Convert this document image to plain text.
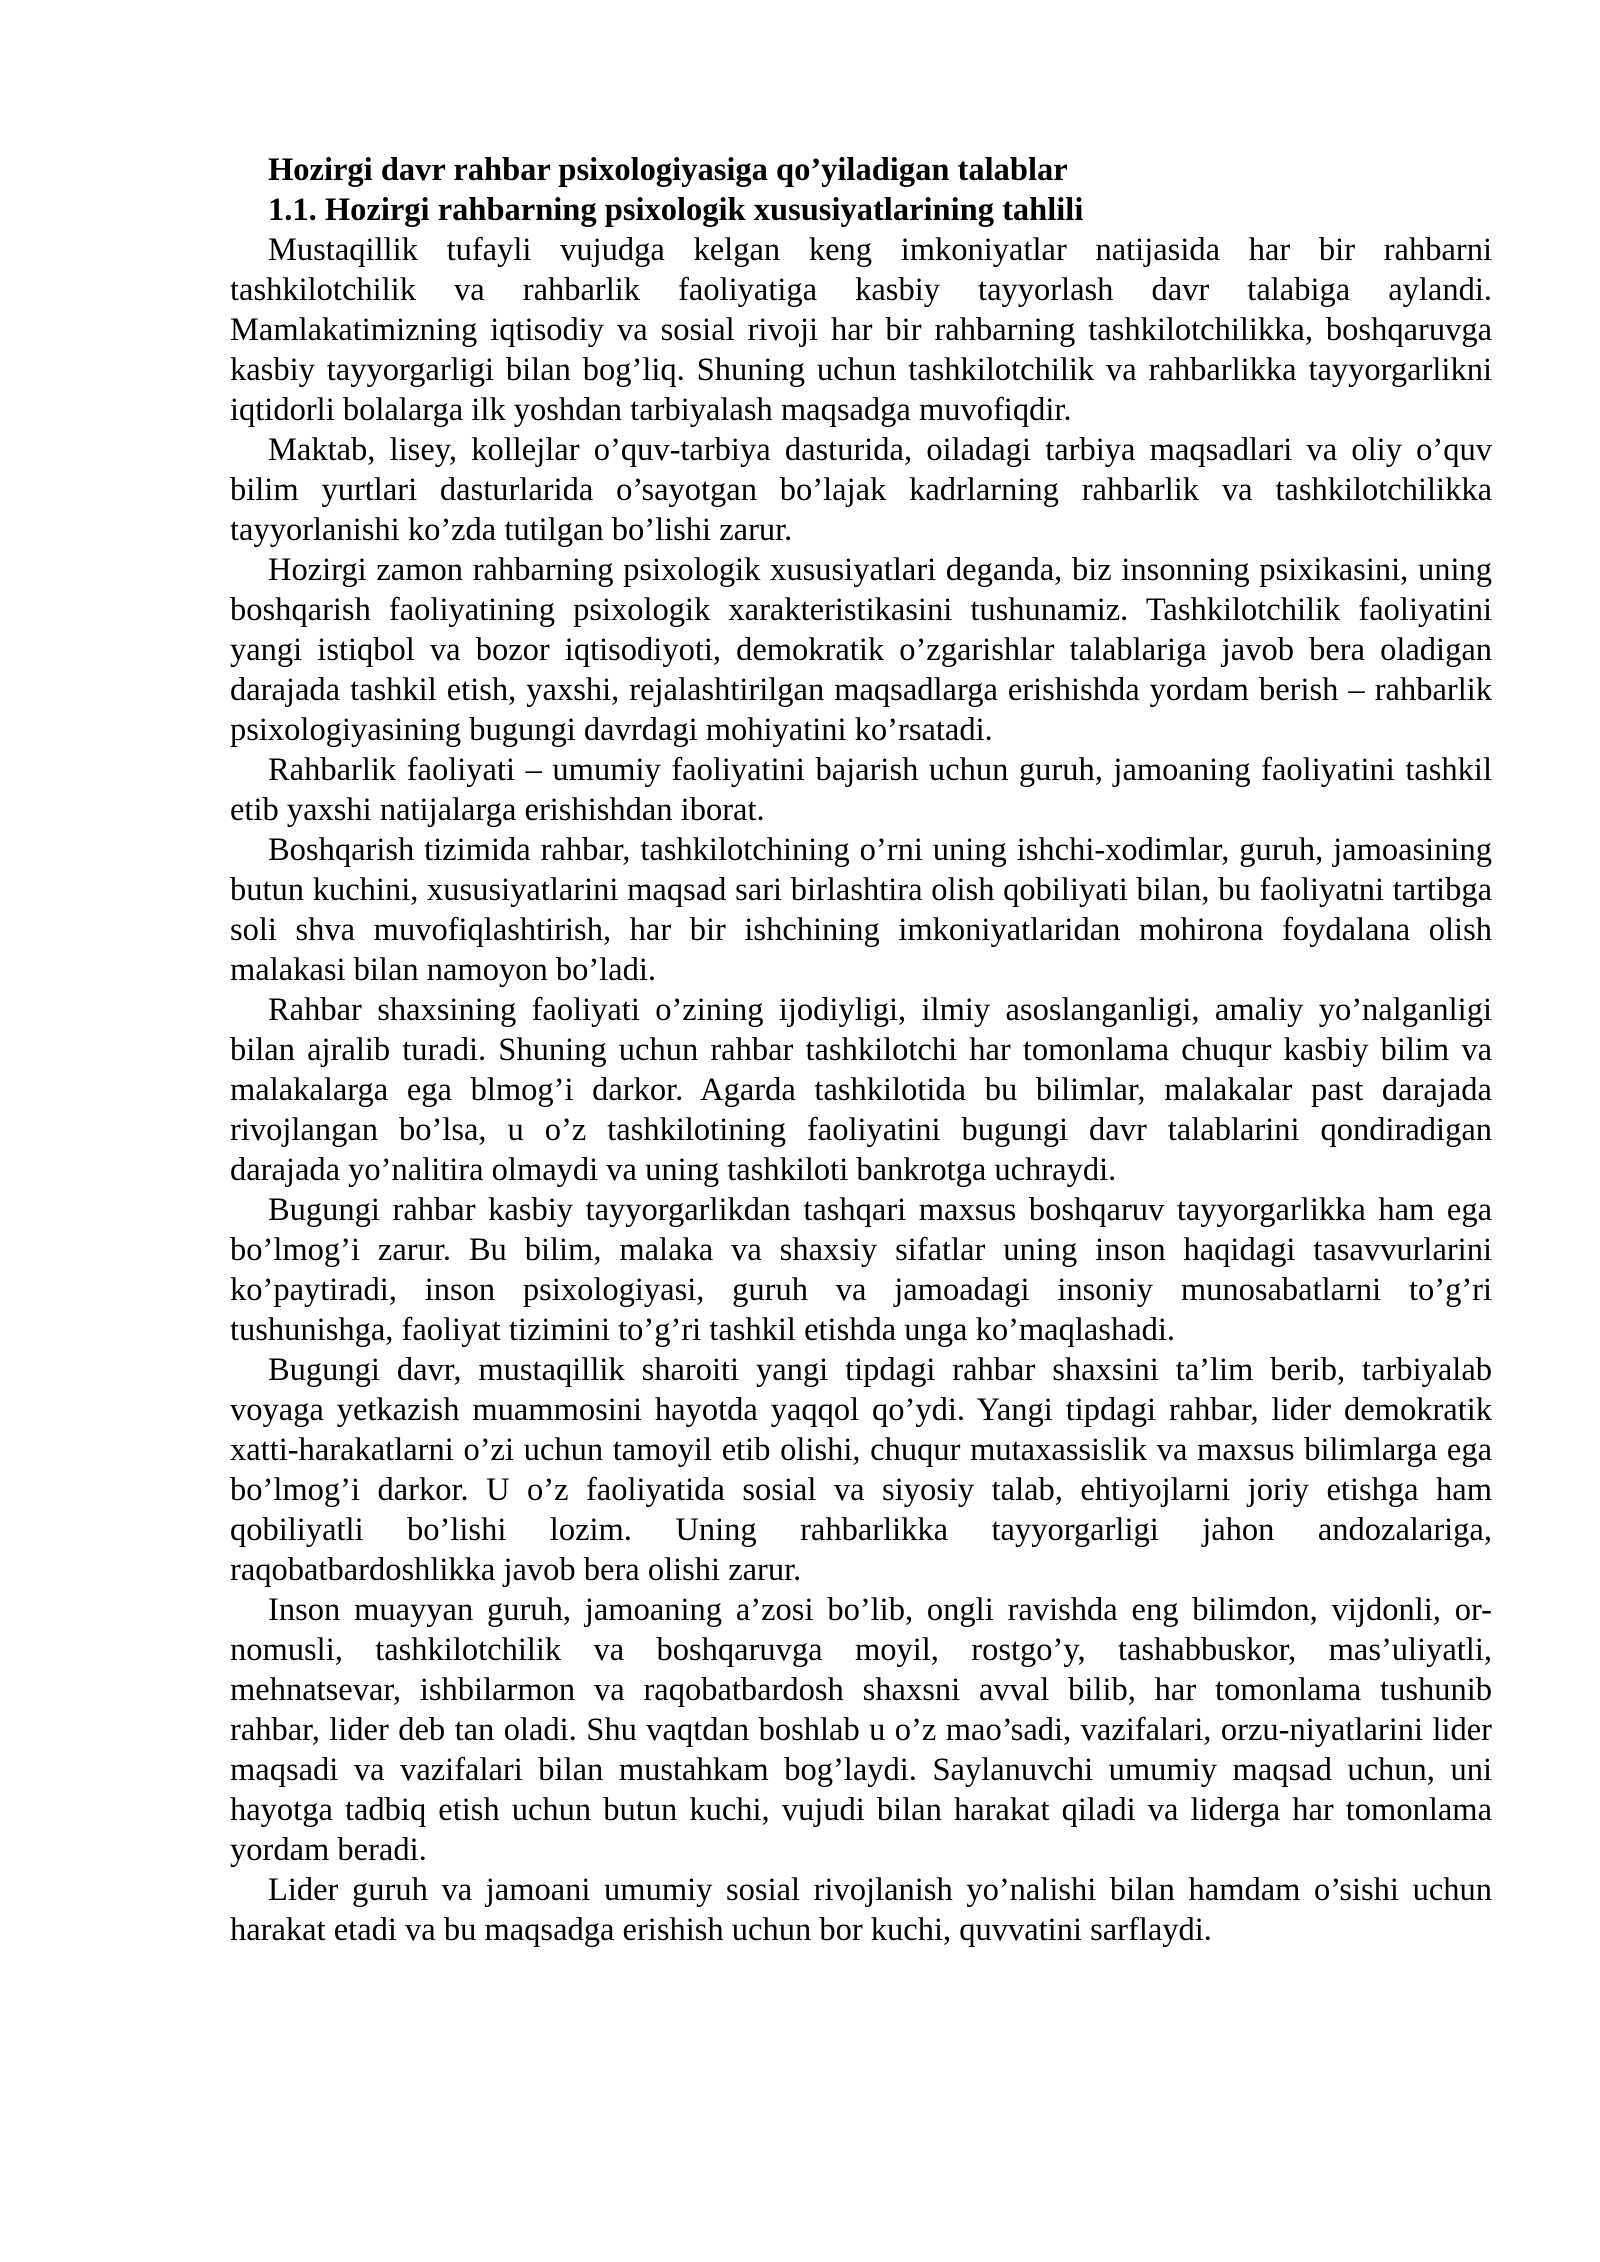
Hozirgi davr rahbar psixologiyasiga qo’yiladigan talablar
1.1. Hozirgi rahbarning psixologik xususiyatlarining tahlili

Mustaqillik tufayli vujudga kelgan keng imkoniyatlar natijasida har bir rahbarni tashkilotchilik va rahbarlik faoliyatiga kasbiy tayyorlash davr talabiga aylandi. Mamlakatimizning iqtisodiy va sosial rivoji har bir rahbarning tashkilotchilikka, boshqaruvga kasbiy tayyorgarligi bilan bog’liq. Shuning uchun tashkilotchilik va rahbarlikka tayyorgarlikni iqtidorli bolalarga ilk yoshdan tarbiyalash maqsadga muvofiqdir.

Maktab, lisey, kollejlar o’quv-tarbiya dasturida, oiladagi tarbiya maqsadlari va oliy o’quv bilim yurtlari dasturlarida o’sayotgan bo’lajak kadrlarning rahbarlik va tashkilotchilikka tayyorlanishi ko’zda tutilgan bo’lishi zarur.

Hozirgi zamon rahbarning psixologik xususiyatlari deganda, biz insonning psixikasini, uning boshqarish faoliyatining psixologik xarakteristikasini tushunamiz. Tashkilotchilik faoliyatini yangi istiqbol va bozor iqtisodiyoti, demokratik o’zgarishlar talablariga javob bera oladigan darajada tashkil etish, yaxshi, rejalashtirilgan maqsadlarga erishishda yordam berish – rahbarlik psixologiyasining bugungi davrdagi mohiyatini ko’rsatadi.

Rahbarlik faoliyati – umumiy faoliyatini bajarish uchun guruh, jamoaning faoliyatini tashkil etib yaxshi natijalarga erishishdan iborat.

Boshqarish tizimida rahbar, tashkilotchining o’rni uning ishchi-xodimlar, guruh, jamoasining butun kuchini, xususiyatlarini maqsad sari birlashtira olish qobiliyati bilan, bu faoliyatni tartibga soli shva muvofiqlashtirish, har bir ishchining imkoniyatlaridan mohirona foydalana olish malakasi bilan namoyon bo’ladi.

Rahbar shaxsining faoliyati o’zining ijodiyligi, ilmiy asoslanganligi, amaliy yo’nalganligi bilan ajralib turadi. Shuning uchun rahbar tashkilotchi har tomonlama chuqur kasbiy bilim va malakalarga ega blmog’i darkor. Agarda tashkilotida bu bilimlar, malakalar past darajada rivojlangan bo’lsa, u o’z tashkilotining faoliyatini bugungi davr talablarini qondiradigan darajada yo’nalitira olmaydi va uning tashkiloti bankrotga uchraydi.

Bugungi rahbar kasbiy tayyorgarlikdan tashqari maxsus boshqaruv tayyorgarlikka ham ega bo’lmog’i zarur. Bu bilim, malaka va shaxsiy sifatlar uning inson haqidagi tasavvurlarini ko’paytiradi, inson psixologiyasi, guruh va jamoadagi insoniy munosabatlarni to’g’ri tushunishga, faoliyat tizimini to’g’ri tashkil etishda unga ko’maqlashadi.

Bugungi davr, mustaqillik sharoiti yangi tipdagi rahbar shaxsini ta’lim berib, tarbiyalab voyaga yetkazish muammosini hayotda yaqqol qo’ydi. Yangi tipdagi rahbar, lider demokratik xatti-harakatlarni o’zi uchun tamoyil etib olishi, chuqur mutaxassislik va maxsus bilimlarga ega bo’lmog’i darkor. U o’z faoliyatida sosial va siyosiy talab, ehtiyojlarni joriy etishga ham qobiliyatli bo’lishi lozim. Uning rahbarlikka tayyorgarligi jahon andozalariga, raqobatbardoshlikka javob bera olishi zarur.

Inson muayyan guruh, jamoaning a’zosi bo’lib, ongli ravishda eng bilimdon, vijdonli, or-nomusli, tashkilotchilik va boshqaruvga moyil, rostgo’y, tashabbuskor, mas’uliyatli, mehnatsevar, ishbilarmon va raqobatbardosh shaxsni avval bilib, har tomonlama tushunib rahbar, lider deb tan oladi. Shu vaqtdan boshlab u o’z mao’sadi, vazifalari, orzu-niyatlarini lider maqsadi va vazifalari bilan mustahkam bog’laydi. Saylanuvchi umumiy maqsad uchun, uni hayotga tadbiq etish uchun butun kuchi, vujudi bilan harakat qiladi va liderga har tomonlama yordam beradi.

Lider guruh va jamoani umumiy sosial rivojlanish yo’nalishi bilan hamdam o’sishi uchun harakat etadi va bu maqsadga erishish uchun bor kuchi, quvvatini sarflaydi.
